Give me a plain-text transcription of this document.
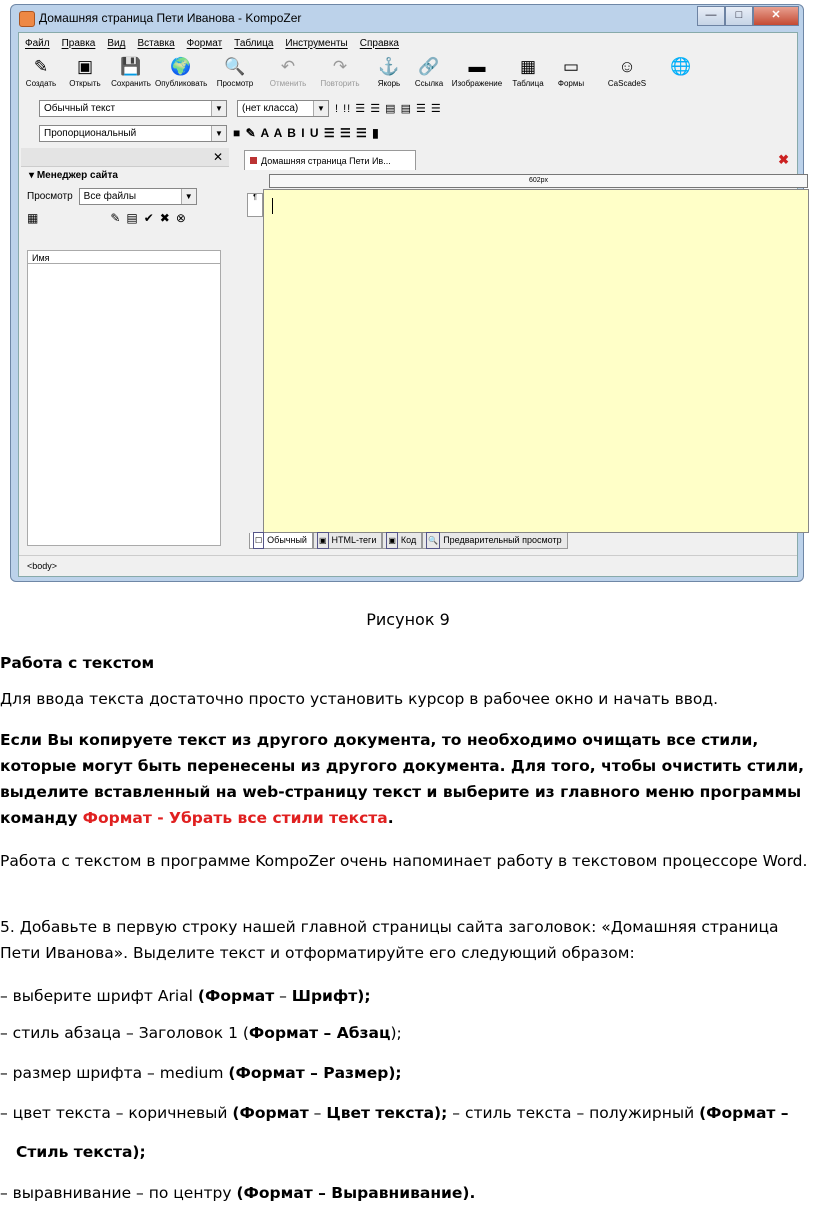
Домашняя страница Пети Иванова - KompoZer	—	□	✕
Файл Правка Вид Вставка Формат Таблица Инструменты Справка
✎
Создать
▣
Открыть
💾
Сохранить
🌍
Опубликовать
🔍
Просмотр
↶
Отменить
↷
Повторить
⚓
Якорь
🔗
Ссылка
▬
Изображение
▦
Таблица
▭
Формы
☺
CaScadeS
🌐
Обычный текст	▼	(нет класса)	▼ ! !! ☰ ☰ ▤ ▤ ☰ ☰
Пропорциональный	▼ ■ ✎ A A B I U ☰ ☰ ☰ ▮
✕
▾ Менеджер сайта
Просмотр Все файлы	▼
▦	✎▤✔✖⊗
Имя
Домашняя страница Пети Ив...	✖
602px
¶
☐ Обычный ▣ HTML-теги ▣ Код 🔍 Предварительный просмотр
<body>
Рисунок 9
Работа с текстом
Для ввода текста достаточно просто установить курсор в рабочее окно и начать ввод.
Если Вы копируете текст из другого документа, то необходимо очищать все стили, которые могут быть перенесены из другого документа. Для того, чтобы очистить стили, выделите вставленный на web-страницу текст и выберите из главного меню программы команду Формат - Убрать все стили текста.
Работа с текстом в программе KompoZer очень напоминает работу в текстовом процессоре Word.
5. Добавьте в первую строку нашей главной страницы сайта заголовок: «Домашняя страница Пети Иванова». Выделите текст и отформатируйте его следующий образом:
– выберите шрифт Arial (Формат – Шрифт);
– стиль абзаца – Заголовок 1 (Формат – Абзац);
– размер шрифта – medium (Формат – Размер);
– цвет текста – коричневый (Формат – Цвет текста); – стиль текста – полужирный (Формат –
Стиль текста);
– выравнивание – по центру (Формат – Выравнивание).
